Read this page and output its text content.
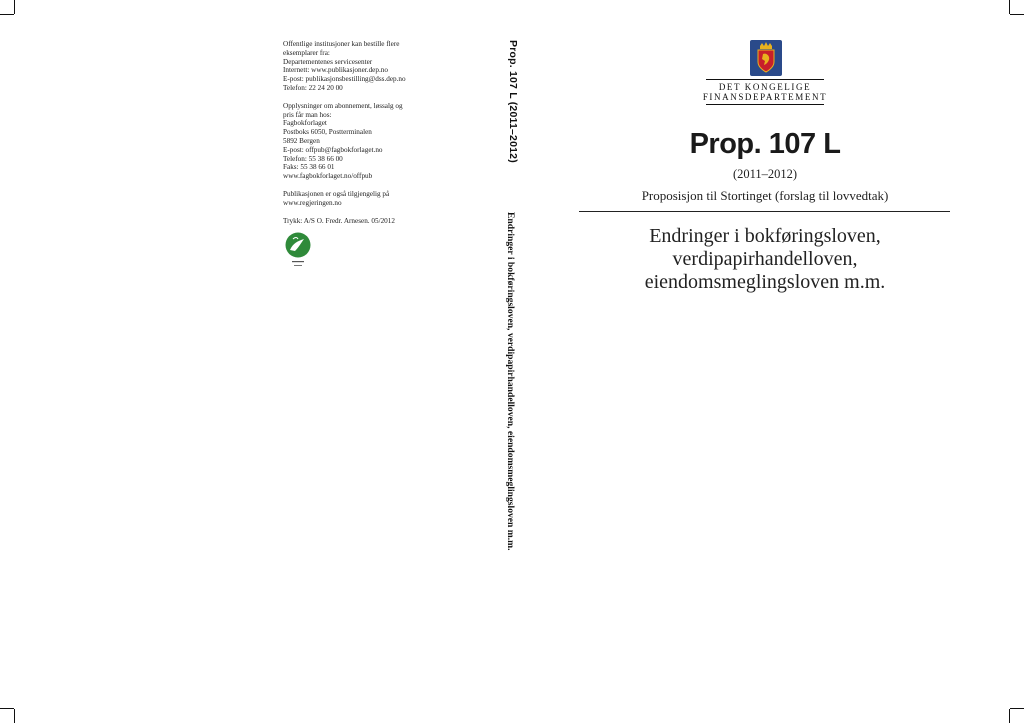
Offentlige institusjoner kan bestille flere
eksemplarer fra:
Departementenes servicesenter
Internett: www.publikasjoner.dep.no
E-post: publikasjonsbestilling@dss.dep.no
Telefon: 22 24 20 00
Opplysninger om abonnement, løssalg og
pris får man hos:
Fagbokforlaget
Postboks 6050, Postterminalen
5892 Bergen
E-post: offpub@fagbokforlaget.no
Telefon: 55 38 66 00
Faks: 55 38 66 01
www.fagbokforlaget.no/offpub
Publikasjonen er også tilgjengelig på
www.regjeringen.no
Trykk: A/S O. Fredr. Arnesen. 05/2012
Prop. 107 L (2011–2012)
Endringer i bokføringsloven, verdipapirhandelloven, eiendomsmeglingsloven m.m.
DET KONGELIGE
FINANSDEPARTEMENT
Prop. 107 L
(2011–2012)
Proposisjon til Stortinget (forslag til lovvedtak)
Endringer i bokføringsloven,
verdipapirhandelloven,
eiendomsmeglingsloven m.m.
